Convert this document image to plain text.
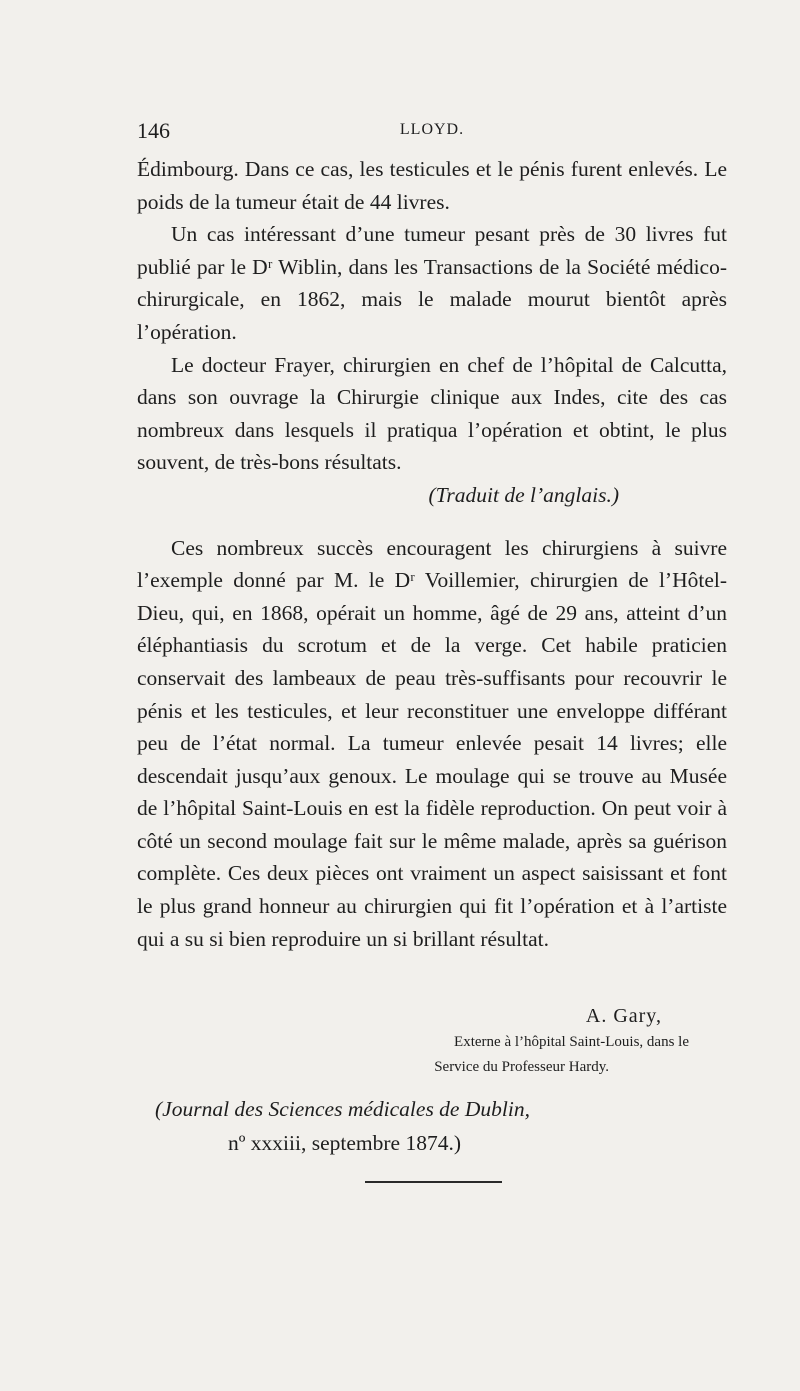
146	LLOYD.

Édimbourg. Dans ce cas, les testicules et le pénis furent enlevés. Le poids de la tumeur était de 44 livres.

Un cas intéressant d’une tumeur pesant près de 30 livres fut publié par le Dʳ Wiblin, dans les Transactions de la Société médico-chirurgicale, en 1862, mais le malade mourut bientôt après l’opération.

Le docteur Frayer, chirurgien en chef de l’hôpital de Calcutta, dans son ouvrage la Chirurgie clinique aux Indes, cite des cas nombreux dans lesquels il pratiqua l’opération et obtint, le plus souvent, de très-bons résultats.

(Traduit de l’anglais.)

Ces nombreux succès encouragent les chirurgiens à suivre l’exemple donné par M. le Dʳ Voillemier, chirurgien de l’Hôtel-Dieu, qui, en 1868, opérait un homme, âgé de 29 ans, atteint d’un éléphantiasis du scrotum et de la verge. Cet habile praticien conservait des lambeaux de peau très-suffisants pour recouvrir le pénis et les testicules, et leur reconstituer une enveloppe différant peu de l’état normal. La tumeur enlevée pesait 14 livres; elle descendait jusqu’aux genoux. Le moulage qui se trouve au Musée de l’hôpital Saint-Louis en est la fidèle reproduction. On peut voir à côté un second moulage fait sur le même malade, après sa guérison complète. Ces deux pièces ont vraiment un aspect saisissant et font le plus grand honneur au chirurgien qui fit l’opération et à l’artiste qui a su si bien reproduire un si brillant résultat.

A. Gary,
Externe à l’hôpital Saint-Louis, dans le
Service du Professeur Hardy.
(Journal des Sciences médicales de Dublin,
nº xxxiii, septembre 1874.)
